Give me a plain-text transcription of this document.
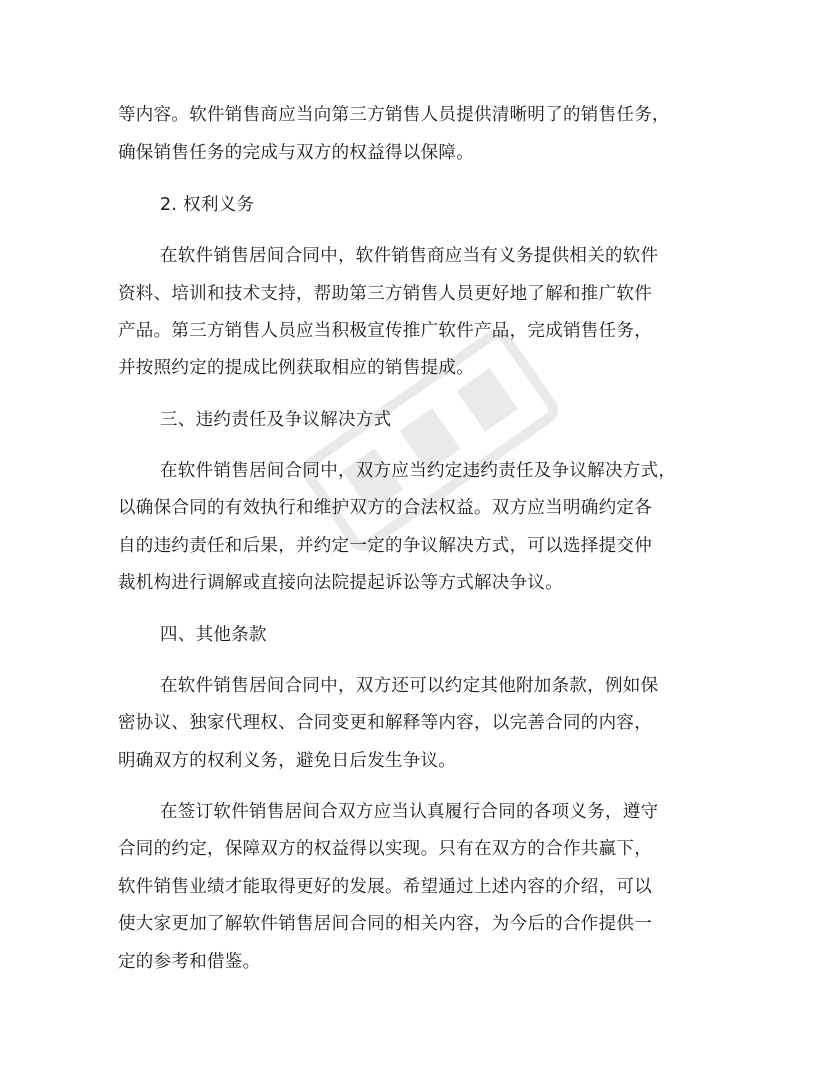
等内容。软件销售商应当向第三方销售人员提供清晰明了的销售任务，
确保销售任务的完成与双方的权益得以保障。
2. 权利义务
在软件销售居间合同中，软件销售商应当有义务提供相关的软件
资料、培训和技术支持，帮助第三方销售人员更好地了解和推广软件
产品。第三方销售人员应当积极宣传推广软件产品，完成销售任务，
并按照约定的提成比例获取相应的销售提成。
三、违约责任及争议解决方式
在软件销售居间合同中，双方应当约定违约责任及争议解决方式，
以确保合同的有效执行和维护双方的合法权益。双方应当明确约定各
自的违约责任和后果，并约定一定的争议解决方式，可以选择提交仲
裁机构进行调解或直接向法院提起诉讼等方式解决争议。
四、其他条款
在软件销售居间合同中，双方还可以约定其他附加条款，例如保
密协议、独家代理权、合同变更和解释等内容，以完善合同的内容，
明确双方的权利义务，避免日后发生争议。
在签订软件销售居间合双方应当认真履行合同的各项义务，遵守
合同的约定，保障双方的权益得以实现。只有在双方的合作共赢下，
软件销售业绩才能取得更好的发展。希望通过上述内容的介绍，可以
使大家更加了解软件销售居间合同的相关内容，为今后的合作提供一
定的参考和借鉴。
